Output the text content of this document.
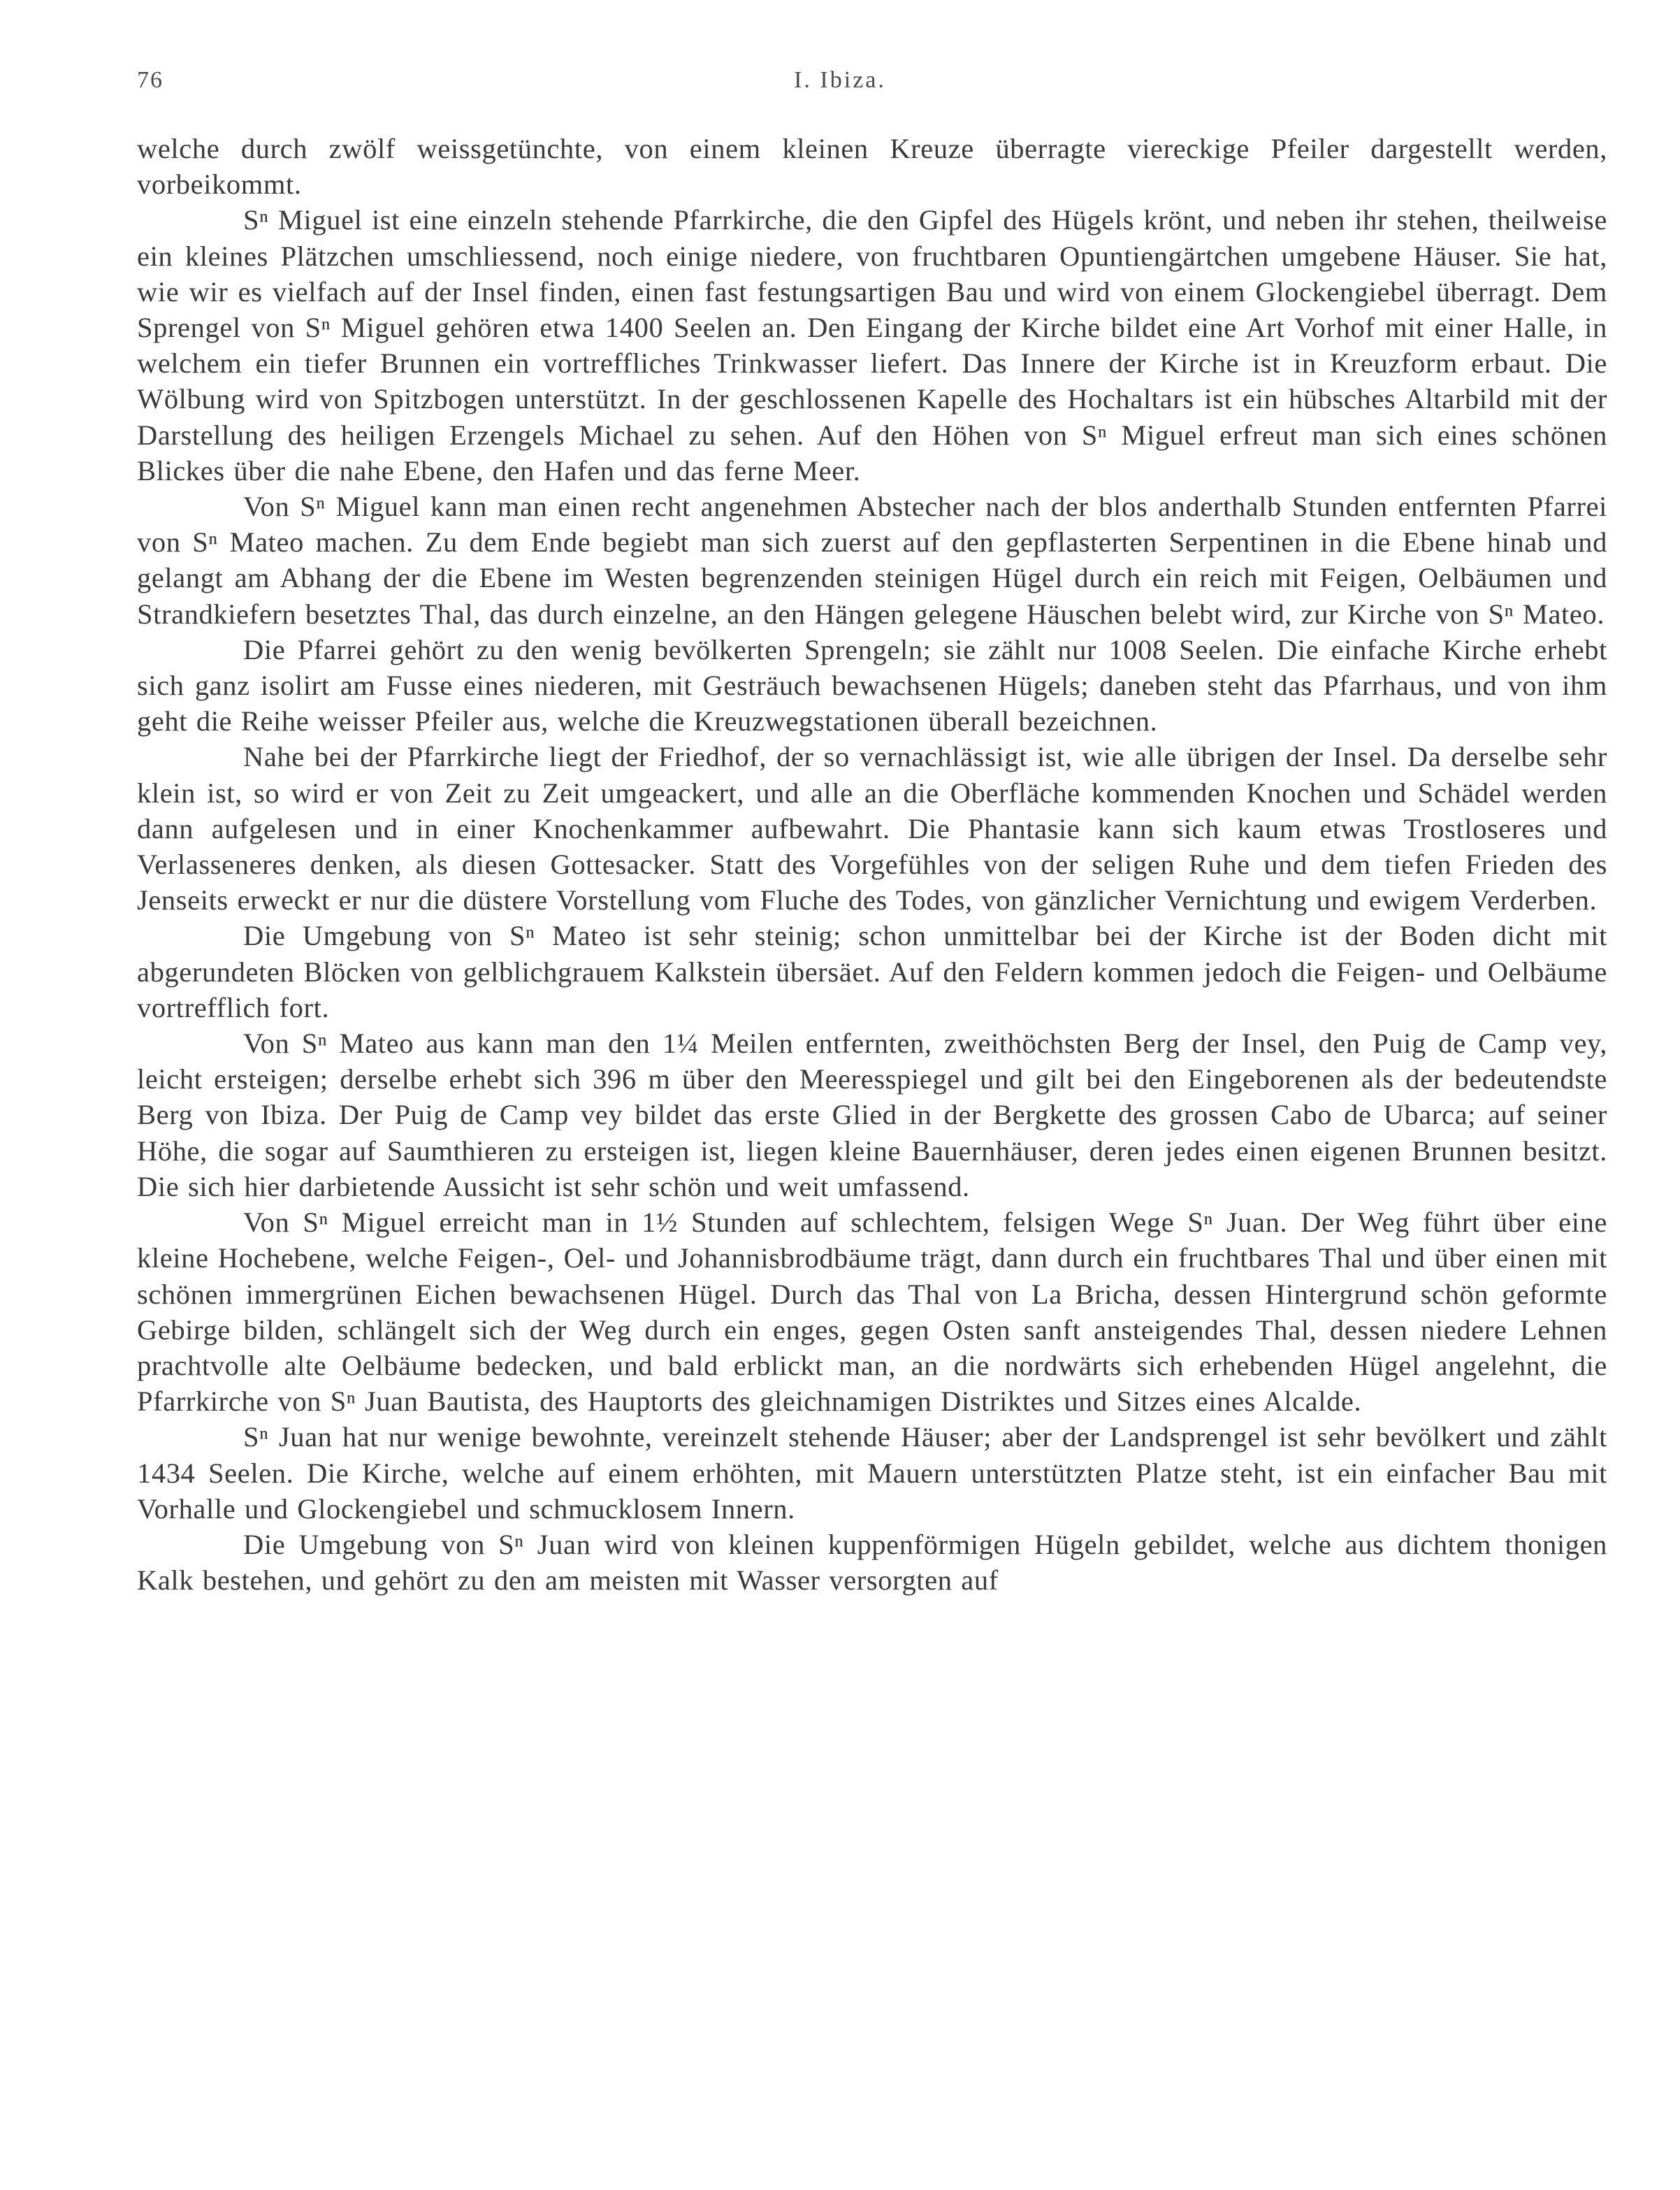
76	I. Ibiza.

welche durch zwölf weissgetünchte, von einem kleinen Kreuze überragte viereckige Pfeiler dargestellt werden, vorbeikommt.

Sⁿ Miguel ist eine einzeln stehende Pfarrkirche, die den Gipfel des Hügels krönt, und neben ihr stehen, theilweise ein kleines Plätzchen umschliessend, noch einige niedere, von fruchtbaren Opuntiengärtchen umgebene Häuser. Sie hat, wie wir es vielfach auf der Insel finden, einen fast festungsartigen Bau und wird von einem Glockengiebel überragt. Dem Sprengel von Sⁿ Miguel gehören etwa 1400 Seelen an. Den Eingang der Kirche bildet eine Art Vorhof mit einer Halle, in welchem ein tiefer Brunnen ein vortreffliches Trinkwasser liefert. Das Innere der Kirche ist in Kreuzform erbaut. Die Wölbung wird von Spitzbogen unterstützt. In der geschlossenen Kapelle des Hochaltars ist ein hübsches Altarbild mit der Darstellung des heiligen Erzengels Michael zu sehen. Auf den Höhen von Sⁿ Miguel erfreut man sich eines schönen Blickes über die nahe Ebene, den Hafen und das ferne Meer.

Von Sⁿ Miguel kann man einen recht angenehmen Abstecher nach der blos anderthalb Stunden entfernten Pfarrei von Sⁿ Mateo machen. Zu dem Ende begiebt man sich zuerst auf den gepflasterten Serpentinen in die Ebene hinab und gelangt am Abhang der die Ebene im Westen begrenzenden steinigen Hügel durch ein reich mit Feigen, Oelbäumen und Strandkiefern besetztes Thal, das durch einzelne, an den Hängen gelegene Häuschen belebt wird, zur Kirche von Sⁿ Mateo.

Die Pfarrei gehört zu den wenig bevölkerten Sprengeln; sie zählt nur 1008 Seelen. Die einfache Kirche erhebt sich ganz isolirt am Fusse eines niederen, mit Gesträuch bewachsenen Hügels; daneben steht das Pfarrhaus, und von ihm geht die Reihe weisser Pfeiler aus, welche die Kreuzwegstationen überall bezeichnen.

Nahe bei der Pfarrkirche liegt der Friedhof, der so vernachlässigt ist, wie alle übrigen der Insel. Da derselbe sehr klein ist, so wird er von Zeit zu Zeit umgeackert, und alle an die Oberfläche kommenden Knochen und Schädel werden dann aufgelesen und in einer Knochenkammer aufbewahrt. Die Phantasie kann sich kaum etwas Trostloseres und Verlasseneres denken, als diesen Gottesacker. Statt des Vorgefühles von der seligen Ruhe und dem tiefen Frieden des Jenseits erweckt er nur die düstere Vorstellung vom Fluche des Todes, von gänzlicher Vernichtung und ewigem Verderben.

Die Umgebung von Sⁿ Mateo ist sehr steinig; schon unmittelbar bei der Kirche ist der Boden dicht mit abgerundeten Blöcken von gelblichgrauem Kalkstein übersäet. Auf den Feldern kommen jedoch die Feigen- und Oelbäume vortrefflich fort.

Von Sⁿ Mateo aus kann man den 1¼ Meilen entfernten, zweithöchsten Berg der Insel, den Puig de Camp vey, leicht ersteigen; derselbe erhebt sich 396 m über den Meeresspiegel und gilt bei den Eingeborenen als der bedeutendste Berg von Ibiza. Der Puig de Camp vey bildet das erste Glied in der Bergkette des grossen Cabo de Ubarca; auf seiner Höhe, die sogar auf Saumthieren zu ersteigen ist, liegen kleine Bauernhäuser, deren jedes einen eigenen Brunnen besitzt. Die sich hier darbietende Aussicht ist sehr schön und weit umfassend.

Von Sⁿ Miguel erreicht man in 1½ Stunden auf schlechtem, felsigen Wege Sⁿ Juan. Der Weg führt über eine kleine Hochebene, welche Feigen-, Oel- und Johannisbrodbäume trägt, dann durch ein fruchtbares Thal und über einen mit schönen immergrünen Eichen bewachsenen Hügel. Durch das Thal von La Bricha, dessen Hintergrund schön geformte Gebirge bilden, schlängelt sich der Weg durch ein enges, gegen Osten sanft ansteigendes Thal, dessen niedere Lehnen prachtvolle alte Oelbäume bedecken, und bald erblickt man, an die nordwärts sich erhebenden Hügel angelehnt, die Pfarrkirche von Sⁿ Juan Bautista, des Hauptorts des gleichnamigen Distriktes und Sitzes eines Alcalde.

Sⁿ Juan hat nur wenige bewohnte, vereinzelt stehende Häuser; aber der Landsprengel ist sehr bevölkert und zählt 1434 Seelen. Die Kirche, welche auf einem erhöhten, mit Mauern unterstützten Platze steht, ist ein einfacher Bau mit Vorhalle und Glockengiebel und schmucklosem Innern.

Die Umgebung von Sⁿ Juan wird von kleinen kuppenförmigen Hügeln gebildet, welche aus dichtem thonigen Kalk bestehen, und gehört zu den am meisten mit Wasser versorgten auf
